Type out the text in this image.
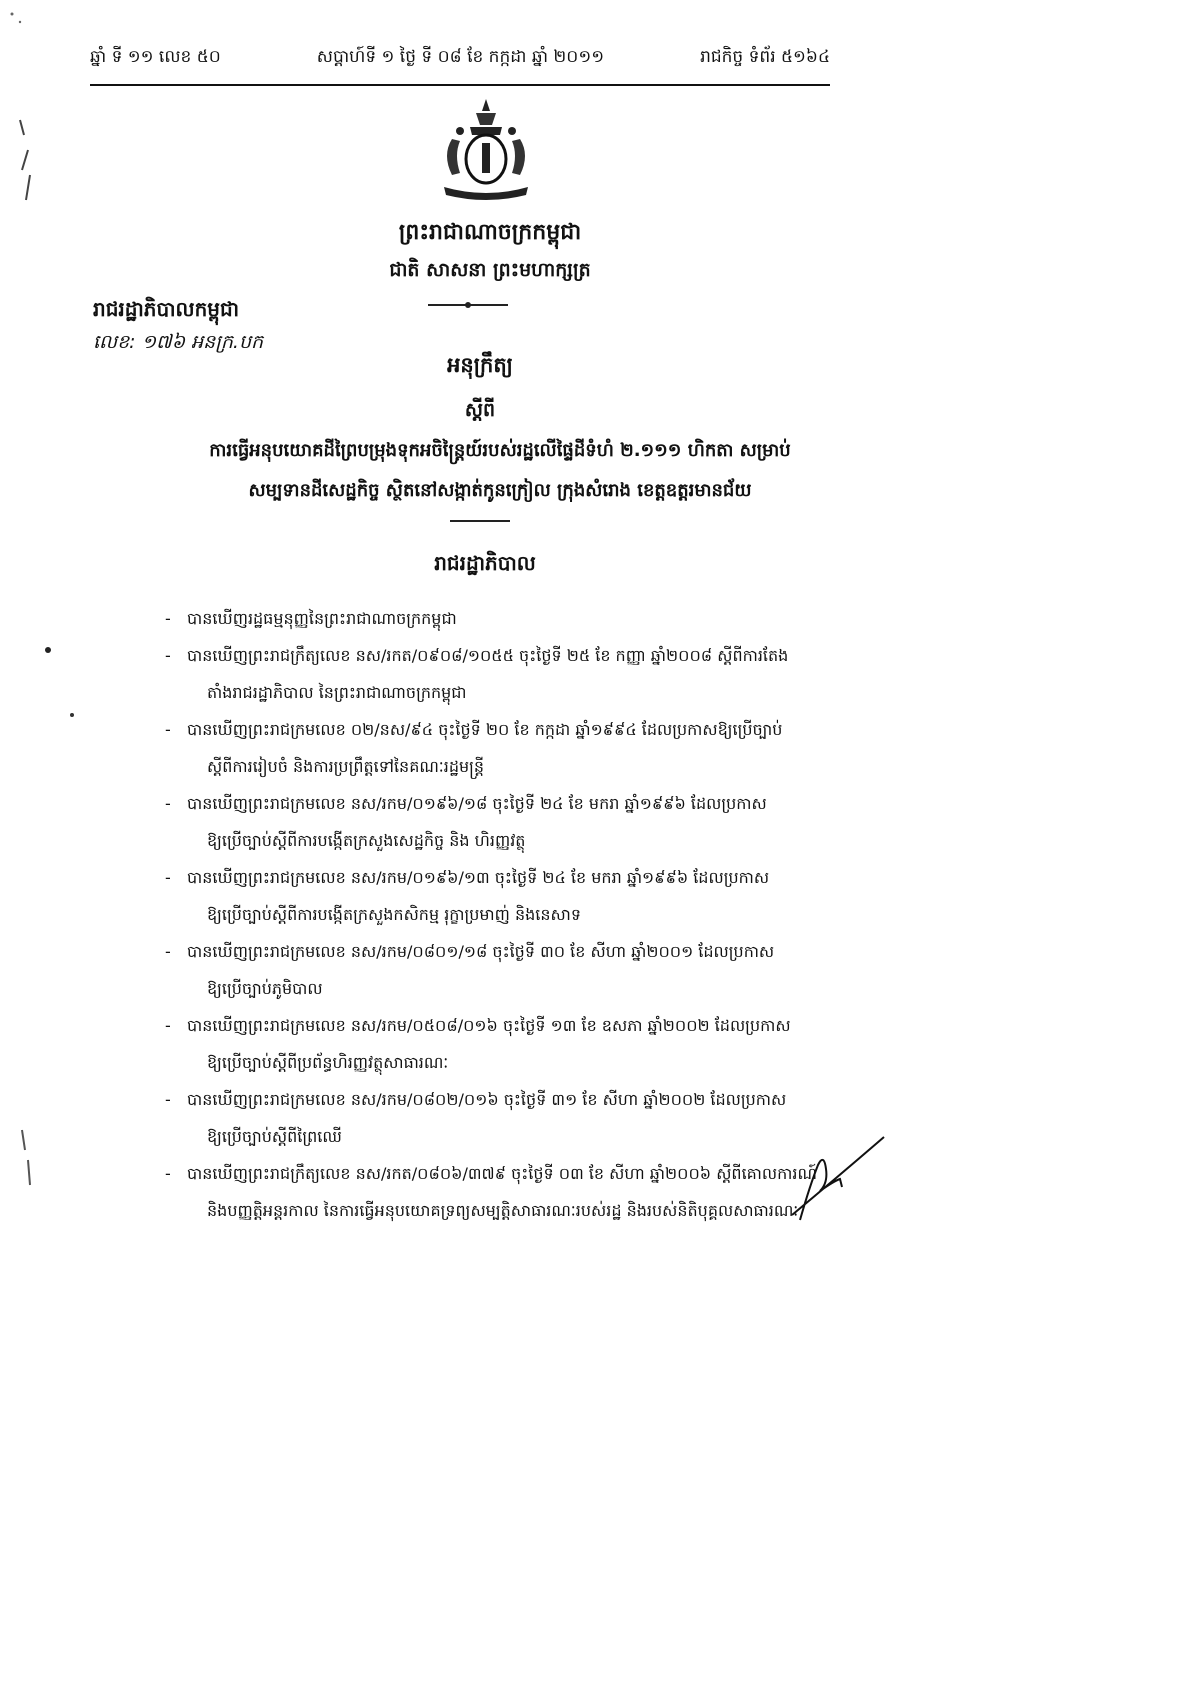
ឆ្នាំ ទី ១១ លេខ ៥០	សប្តាហ៍ទី ១ ថ្ងៃ ទី ០៨ ខែ កក្កដា ឆ្នាំ ២០១១	រាជកិច្ច ទំព័រ ៥១៦៤
ព្រះរាជាណាចក្រកម្ពុជា
ជាតិ សាសនា ព្រះមហាក្សត្រ
រាជរដ្ឋាភិបាលកម្ពុជា
លេខ: ១៧៦ អនក្រ.បក
អនុក្រឹត្យ
ស្តីពី
ការធ្វើអនុបយោគដីព្រៃបម្រុងទុកអចិន្ត្រៃយ៍របស់រដ្ឋលើផ្ទៃដីទំហំ ២.១១១ ហិកតា សម្រាប់
សម្បទានដីសេដ្ឋកិច្ច ស្ថិតនៅសង្កាត់កូនក្រៀល ក្រុងសំរោង ខេត្តឧត្តរមានជ័យ
រាជរដ្ឋាភិបាល
- បានឃើញរដ្ឋធម្មនុញ្ញនៃព្រះរាជាណាចក្រកម្ពុជា
- បានឃើញព្រះរាជក្រឹត្យលេខ នស/រកត/០៩០៨/១០៥៥ ចុះថ្ងៃទី ២៥ ខែ កញ្ញា ឆ្នាំ២០០៨ ស្តីពីការតែង
តាំងរាជរដ្ឋាភិបាល នៃព្រះរាជាណាចក្រកម្ពុជា
- បានឃើញព្រះរាជក្រមលេខ ០២/នស/៩៤ ចុះថ្ងៃទី ២០ ខែ កក្កដា ឆ្នាំ១៩៩៤ ដែលប្រកាសឱ្យប្រើច្បាប់
ស្តីពីការរៀបចំ និងការប្រព្រឹត្តទៅនៃគណៈរដ្ឋមន្ត្រី
- បានឃើញព្រះរាជក្រមលេខ នស/រកម/០១៩៦/១៨ ចុះថ្ងៃទី ២៤ ខែ មករា ឆ្នាំ១៩៩៦ ដែលប្រកាស
ឱ្យប្រើច្បាប់ស្តីពីការបង្កើតក្រសួងសេដ្ឋកិច្ច និង ហិរញ្ញវត្ថុ
- បានឃើញព្រះរាជក្រមលេខ នស/រកម/០១៩៦/១៣ ចុះថ្ងៃទី ២៤ ខែ មករា ឆ្នាំ១៩៩៦ ដែលប្រកាស
ឱ្យប្រើច្បាប់ស្តីពីការបង្កើតក្រសួងកសិកម្ម រុក្ខាប្រមាញ់ និងនេសាទ
- បានឃើញព្រះរាជក្រមលេខ នស/រកម/០៨០១/១៨ ចុះថ្ងៃទី ៣០ ខែ សីហា ឆ្នាំ២០០១ ដែលប្រកាស
ឱ្យប្រើច្បាប់ភូមិបាល
- បានឃើញព្រះរាជក្រមលេខ នស/រកម/០៥០៨/០១៦ ចុះថ្ងៃទី ១៣ ខែ ឧសភា ឆ្នាំ២០០២ ដែលប្រកាស
ឱ្យប្រើច្បាប់ស្តីពីប្រព័ន្ធហិរញ្ញវត្ថុសាធារណៈ
- បានឃើញព្រះរាជក្រមលេខ នស/រកម/០៨០២/០១៦ ចុះថ្ងៃទី ៣១ ខែ សីហា ឆ្នាំ២០០២ ដែលប្រកាស
ឱ្យប្រើច្បាប់ស្តីពីព្រៃឈើ
- បានឃើញព្រះរាជក្រឹត្យលេខ នស/រកត/០៨០៦/៣៧៩ ចុះថ្ងៃទី ០៣ ខែ សីហា ឆ្នាំ២០០៦ ស្តីពីគោលការណ៍
និងបញ្ញត្តិអន្តរកាល នៃការធ្វើអនុបយោគទ្រព្យសម្បត្តិសាធារណៈរបស់រដ្ឋ និងរបស់និតិបុគ្គលសាធារណៈ
